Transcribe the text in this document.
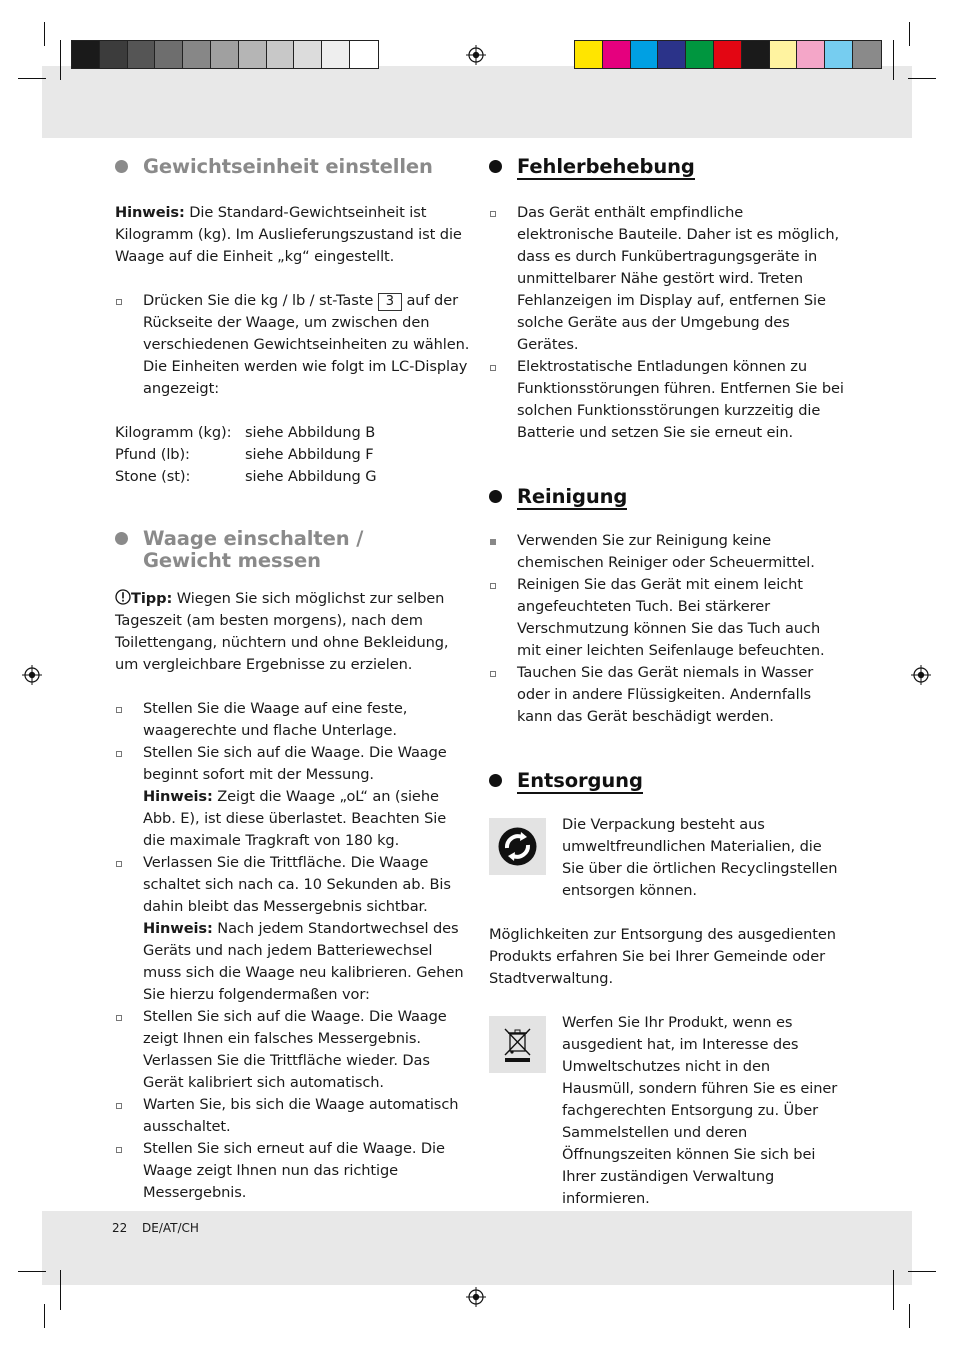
Gewichtseinheit einstellen

Hinweis: Die Standard-Gewichtseinheit ist Kilogramm (kg). Im Auslieferungszustand ist die Waage auf die Einheit „kg“ eingestellt.

Drücken Sie die kg / lb / st-Taste 3 auf der Rückseite der Waage, um zwischen den verschiedenen Gewichtseinheiten zu wählen. Die Einheiten werden wie folgt im LC-Display angezeigt:
Kilogramm (kg): siehe Abbildung B
Pfund (lb):	siehe Abbildung F
Stone (st):	siehe Abbildung G
Waage einschalten /
Gewicht messen

Tipp: Wiegen Sie sich möglichst zur selben Tageszeit (am besten morgens), nach dem Toilettengang, nüchtern und ohne Bekleidung, um vergleichbare Ergebnisse zu erzielen.

Stellen Sie die Waage auf eine feste, waagerechte und flache Unterlage.
Stellen Sie sich auf die Waage. Die Waage beginnt sofort mit der Messung.
Hinweis: Zeigt die Waage „oL“ an (siehe Abb. E), ist diese überlastet. Beachten Sie die maximale Tragkraft von 180 kg.
Verlassen Sie die Trittfläche. Die Waage schaltet sich nach ca. 10 Sekunden ab. Bis dahin bleibt das Messergebnis sichtbar.
Hinweis: Nach jedem Standortwechsel des Geräts und nach jedem Batteriewechsel muss sich die Waage neu kalibrieren. Gehen Sie hierzu folgendermaßen vor:
Stellen Sie sich auf die Waage. Die Waage zeigt Ihnen ein falsches Messergebnis. Verlassen Sie die Trittfläche wieder. Das Gerät kalibriert sich automatisch.
Warten Sie, bis sich die Waage automatisch ausschaltet.
Stellen Sie sich erneut auf die Waage. Die Waage zeigt Ihnen nun das richtige Messergebnis.
Fehlerbehebung
Das Gerät enthält empfindliche elektronische Bauteile. Daher ist es möglich, dass es durch Funkübertragungsgeräte in unmittelbarer Nähe gestört wird. Treten Fehlanzeigen im Display auf, entfernen Sie solche Geräte aus der Umgebung des Gerätes.
Elektrostatische Entladungen können zu Funktionsstörungen führen. Entfernen Sie bei solchen Funktionsstörungen kurzzeitig die Batterie und setzen Sie sie erneut ein.
Reinigung
Verwenden Sie zur Reinigung keine chemischen Reiniger oder Scheuermittel.
Reinigen Sie das Gerät mit einem leicht angefeuchteten Tuch. Bei stärkerer Verschmutzung können Sie das Tuch auch mit einer leichten Seifenlauge befeuchten.
Tauchen Sie das Gerät niemals in Wasser oder in andere Flüssigkeiten. Andernfalls kann das Gerät beschädigt werden.
Entsorgung

Die Verpackung besteht aus umweltfreundlichen Materialien, die Sie über die örtlichen Recyclingstellen entsorgen können.

Möglichkeiten zur Entsorgung des ausgedienten Produkts erfahren Sie bei Ihrer Gemeinde oder Stadtverwaltung.

Werfen Sie Ihr Produkt, wenn es ausgedient hat, im Interesse des Umweltschutzes nicht in den Hausmüll, sondern führen Sie es einer fachgerechten Entsorgung zu. Über Sammelstellen und deren Öffnungszeiten können Sie sich bei Ihrer zuständigen Verwaltung informieren.

22 DE/AT/CH
